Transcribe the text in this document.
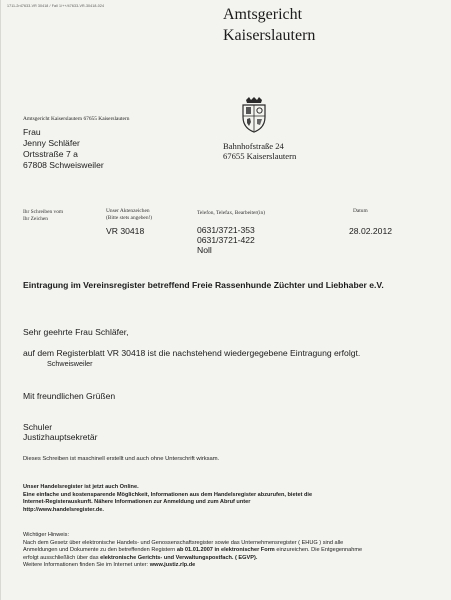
1711-2r47633-VR 30418 / Fall 1/++/47633-VR-30418-024	Amtsgericht
Kaiserslautern
Amtsgericht Kaiserslautern 67655 Kaiserslautern
Frau
Jenny Schläfer
Ortsstraße 7 a
67808 Schweisweiler
Bahnhofstraße 24
67655 Kaiserslautern
Ihr Schreiben vom
Ihr Zeichen
Unser Aktenzeichen
(Bitte stets angeben!)
Telefon, Telefax, Bearbeiter(in)	Datum
VR 30418	0631/3721-353
0631/3721-422
Noll
28.02.2012
Eintragung im Vereinsregister betreffend Freie Rassenhunde Züchter und Liebhaber e.V.
Sehr geehrte Frau Schläfer,
auf dem Registerblatt VR 30418 ist die nachstehend wiedergegebene Eintragung erfolgt.
Schweisweiler
Mit freundlichen Grüßen
Schuler
Justizhauptsekretär
Dieses Schreiben ist maschinell erstellt und auch ohne Unterschrift wirksam.
Unser Handelsregister ist jetzt auch Online.
Eine einfache und kostensparende Möglichkeit, Informationen aus dem Handelsregister abzurufen, bietet die
Internet-Registerauskunft. Nähere Informationen zur Anmeldung und zum Abruf unter
http://www.handelsregister.de.
Wichtiger Hinweis:
Nach dem Gesetz über elektronische Handels- und Genossenschaftsregister sowie das Unternehmensregister ( EHUG ) sind alle
Anmeldungen und Dokumente zu den betreffenden Registern ab 01.01.2007 in elektronischer Form einzureichen. Die Entgegennahme
erfolgt ausschließlich über das elektronische Gerichts- und Verwaltungspostfach. ( EGVP).
Weitere Informationen finden Sie im Internet unter: www.justiz.rlp.de
